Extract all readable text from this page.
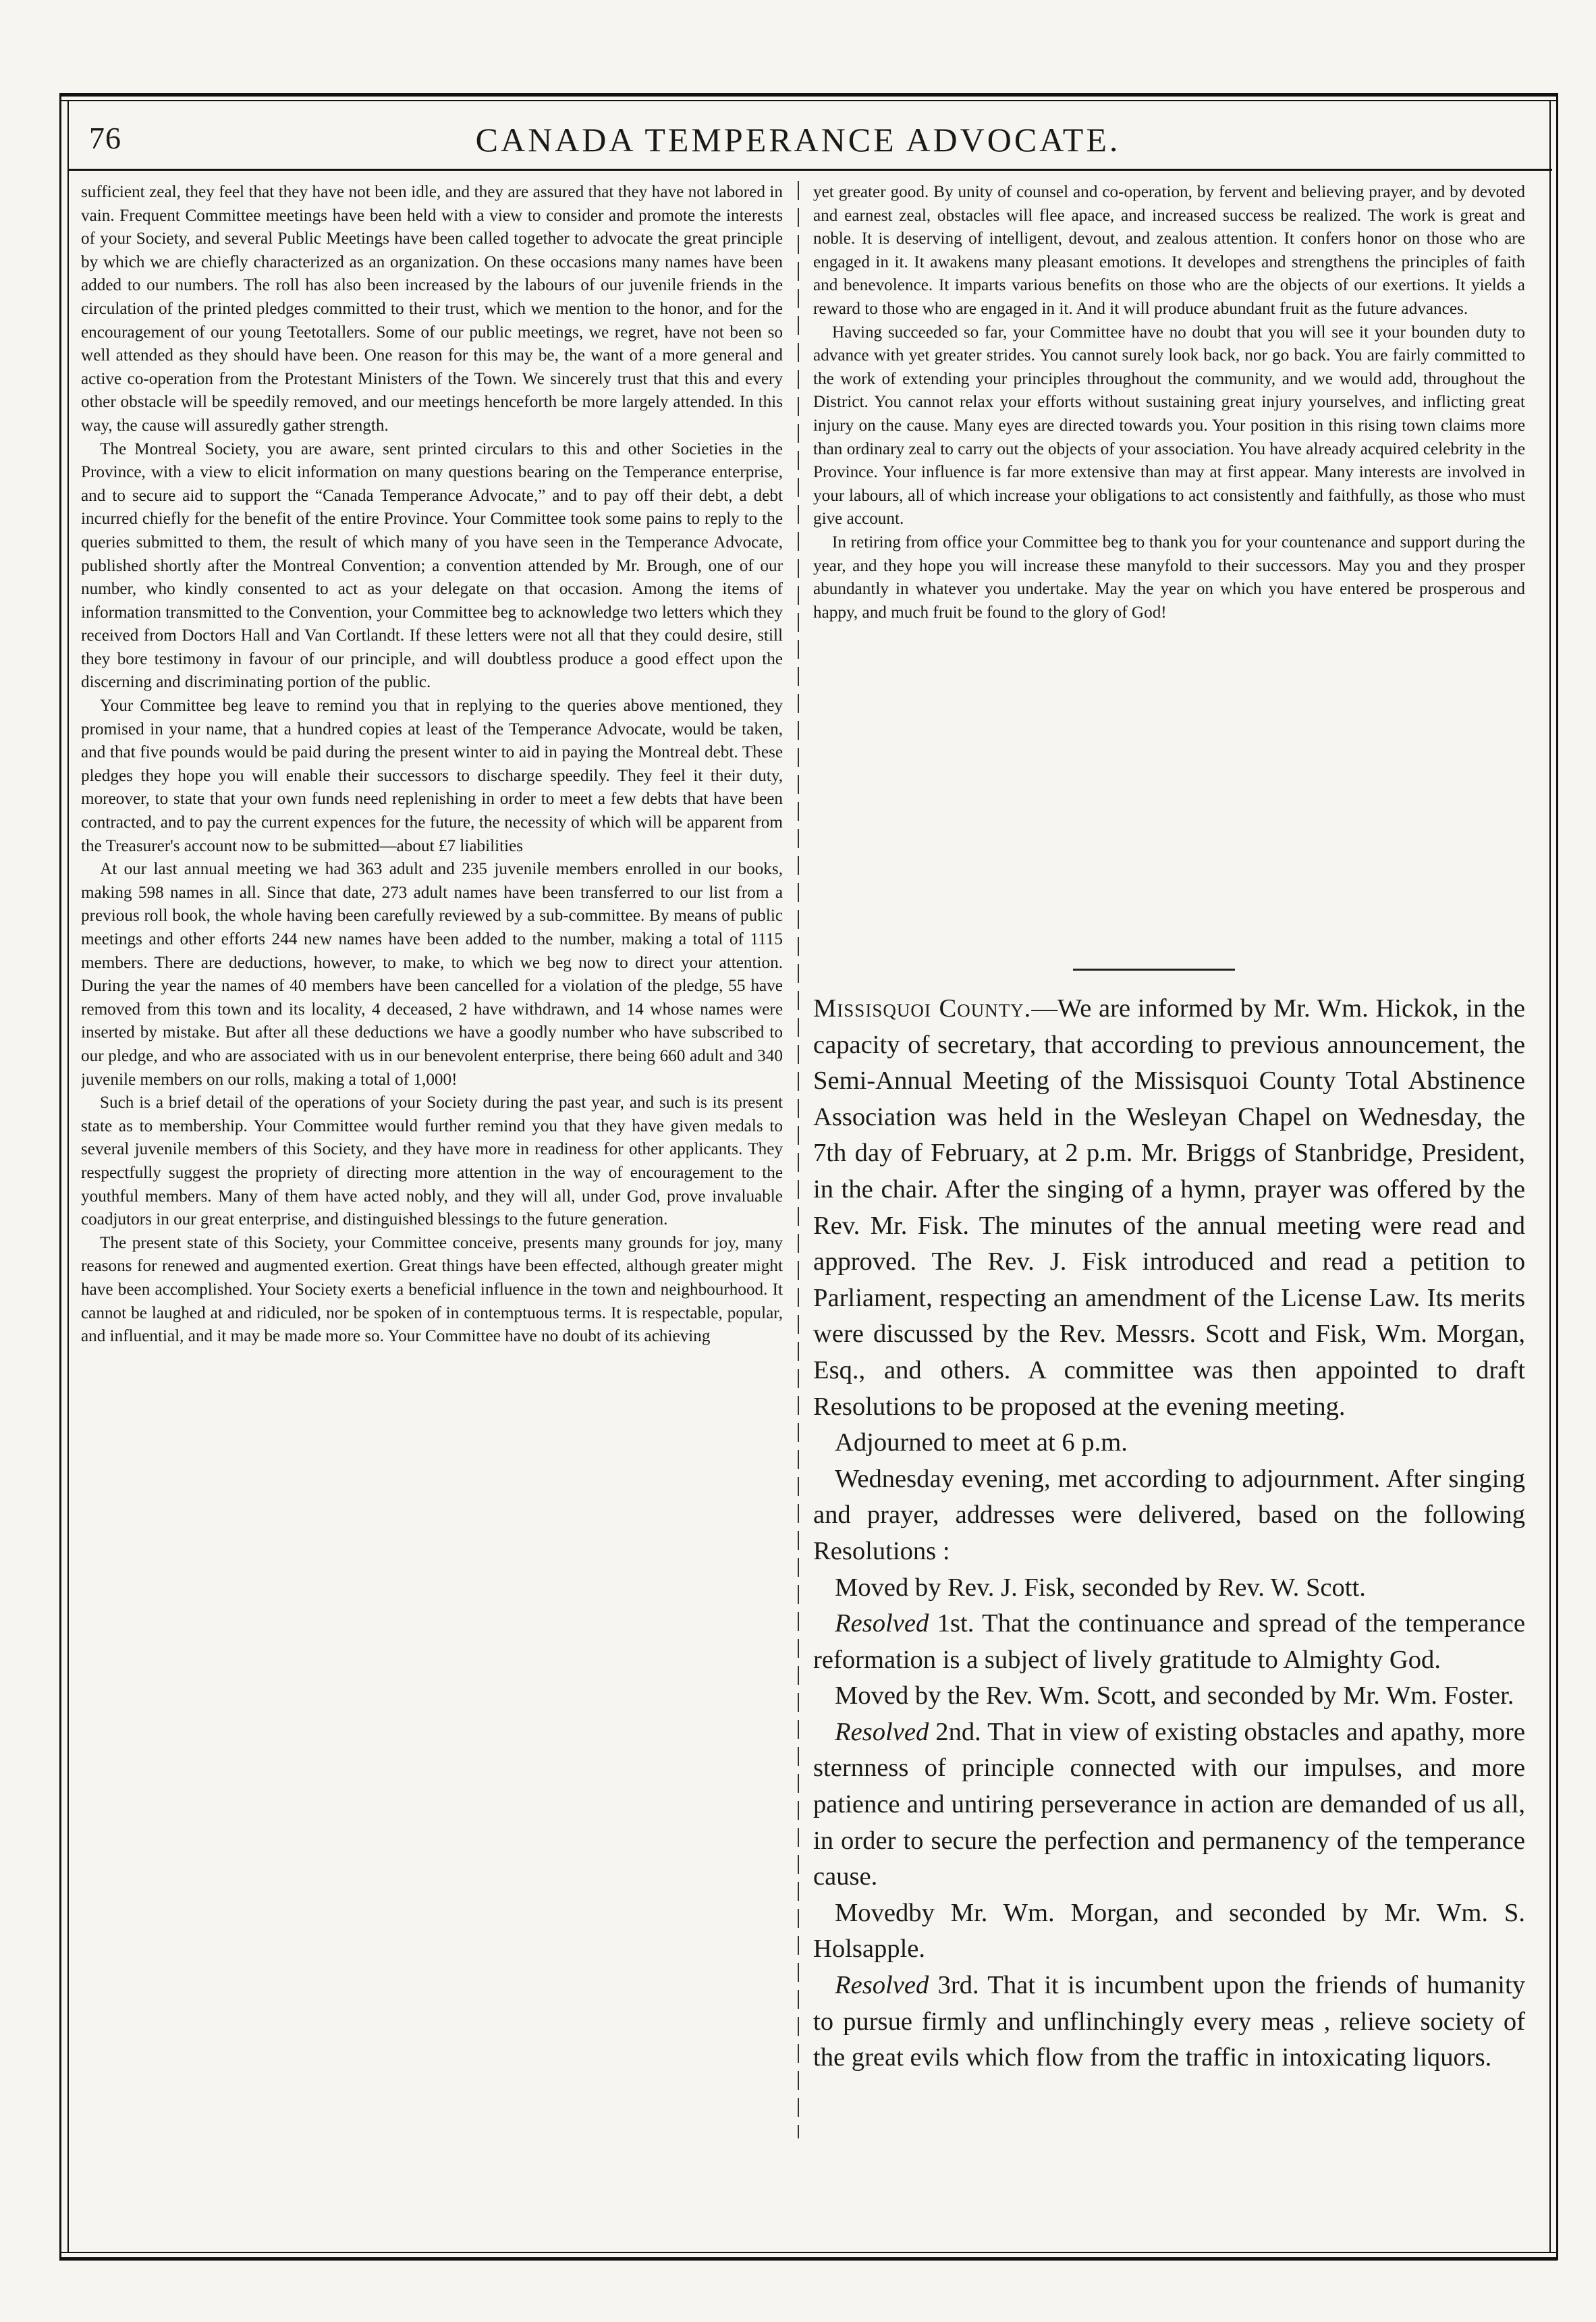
76	CANADA TEMPERANCE ADVOCATE.

sufficient zeal, they feel that they have not been idle, and they are assured that they have not labored in vain. Frequent Committee meetings have been held with a view to consider and promote the interests of your Society, and several Public Meetings have been called together to advocate the great principle by which we are chiefly characterized as an organization. On these occasions many names have been added to our numbers. The roll has also been increased by the labours of our juvenile friends in the circulation of the printed pledges committed to their trust, which we mention to the honor, and for the encouragement of our young Teetotallers. Some of our public meetings, we regret, have not been so well attended as they should have been. One reason for this may be, the want of a more general and active co-operation from the Protestant Ministers of the Town. We sincerely trust that this and every other obstacle will be speedily removed, and our meetings henceforth be more largely attended. In this way, the cause will assuredly gather strength.

The Montreal Society, you are aware, sent printed circulars to this and other Societies in the Province, with a view to elicit information on many questions bearing on the Temperance enterprise, and to secure aid to support the “Canada Temperance Advocate,” and to pay off their debt, a debt incurred chiefly for the benefit of the entire Province. Your Committee took some pains to reply to the queries submitted to them, the result of which many of you have seen in the Temperance Advocate, published shortly after the Montreal Convention; a convention attended by Mr. Brough, one of our number, who kindly consented to act as your delegate on that occasion. Among the items of information transmitted to the Convention, your Committee beg to acknowledge two letters which they received from Doctors Hall and Van Cortlandt. If these letters were not all that they could desire, still they bore testimony in favour of our principle, and will doubtless produce a good effect upon the discerning and discriminating portion of the public.

Your Committee beg leave to remind you that in replying to the queries above mentioned, they promised in your name, that a hundred copies at least of the Temperance Advocate, would be taken, and that five pounds would be paid during the present winter to aid in paying the Montreal debt. These pledges they hope you will enable their successors to discharge speedily. They feel it their duty, moreover, to state that your own funds need replenishing in order to meet a few debts that have been contracted, and to pay the current expences for the future, the necessity of which will be apparent from the Treasurer's account now to be submitted—about £7 liabilities

At our last annual meeting we had 363 adult and 235 juvenile members enrolled in our books, making 598 names in all. Since that date, 273 adult names have been transferred to our list from a previous roll book, the whole having been carefully reviewed by a sub-committee. By means of public meetings and other efforts 244 new names have been added to the number, making a total of 1115 members. There are deductions, however, to make, to which we beg now to direct your attention. During the year the names of 40 members have been cancelled for a violation of the pledge, 55 have removed from this town and its locality, 4 deceased, 2 have withdrawn, and 14 whose names were inserted by mistake. But after all these deductions we have a goodly number who have subscribed to our pledge, and who are associated with us in our benevolent enterprise, there being 660 adult and 340 juvenile members on our rolls, making a total of 1,000!

Such is a brief detail of the operations of your Society during the past year, and such is its present state as to membership. Your Committee would further remind you that they have given medals to several juvenile members of this Society, and they have more in readiness for other applicants. They respectfully suggest the propriety of directing more attention in the way of encouragement to the youthful members. Many of them have acted nobly, and they will all, under God, prove invaluable coadjutors in our great enterprise, and distinguished blessings to the future generation.

The present state of this Society, your Committee conceive, presents many grounds for joy, many reasons for renewed and augmented exertion. Great things have been effected, although greater might have been accomplished. Your Society exerts a beneficial influence in the town and neighbourhood. It cannot be laughed at and ridiculed, nor be spoken of in contemptuous terms. It is respectable, popular, and influential, and it may be made more so. Your Committee have no doubt of its achieving

yet greater good. By unity of counsel and co-operation, by fervent and believing prayer, and by devoted and earnest zeal, obstacles will flee apace, and increased success be realized. The work is great and noble. It is deserving of intelligent, devout, and zealous attention. It confers honor on those who are engaged in it. It awakens many pleasant emotions. It developes and strengthens the principles of faith and benevolence. It imparts various benefits on those who are the objects of our exertions. It yields a reward to those who are engaged in it. And it will produce abundant fruit as the future advances.

Having succeeded so far, your Committee have no doubt that you will see it your bounden duty to advance with yet greater strides. You cannot surely look back, nor go back. You are fairly committed to the work of extending your principles throughout the community, and we would add, throughout the District. You cannot relax your efforts without sustaining great injury yourselves, and inflicting great injury on the cause. Many eyes are directed towards you. Your position in this rising town claims more than ordinary zeal to carry out the objects of your association. You have already acquired celebrity in the Province. Your influence is far more extensive than may at first appear. Many interests are involved in your labours, all of which increase your obligations to act consistently and faithfully, as those who must give account.

In retiring from office your Committee beg to thank you for your countenance and support during the year, and they hope you will increase these manyfold to their successors. May you and they prosper abundantly in whatever you undertake. May the year on which you have entered be prosperous and happy, and much fruit be found to the glory of God!

Missisquoi County.—We are informed by Mr. Wm. Hickok, in the capacity of secretary, that according to previous announcement, the Semi-Annual Meeting of the Missisquoi County Total Abstinence Association was held in the Wesleyan Chapel on Wednesday, the 7th day of February, at 2 p.m. Mr. Briggs of Stanbridge, President, in the chair. After the singing of a hymn, prayer was offered by the Rev. Mr. Fisk. The minutes of the annual meeting were read and approved. The Rev. J. Fisk introduced and read a petition to Parliament, respecting an amendment of the License Law. Its merits were discussed by the Rev. Messrs. Scott and Fisk, Wm. Morgan, Esq., and others. A committee was then appointed to draft Resolutions to be proposed at the evening meeting.

Adjourned to meet at 6 p.m.

Wednesday evening, met according to adjournment. After singing and prayer, addresses were delivered, based on the following Resolutions :

Moved by Rev. J. Fisk, seconded by Rev. W. Scott.

Resolved 1st. That the continuance and spread of the temperance reformation is a subject of lively gratitude to Almighty God.

Moved by the Rev. Wm. Scott, and seconded by Mr. Wm. Foster.

Resolved 2nd. That in view of existing obstacles and apathy, more sternness of principle connected with our impulses, and more patience and untiring perseverance in action are demanded of us all, in order to secure the perfection and permanency of the temperance cause.

Movedby Mr. Wm. Morgan, and seconded by Mr. Wm. S. Holsapple.

Resolved 3rd. That it is incumbent upon the friends of humanity to pursue firmly and unflinchingly every meas , relieve society of the great evils which flow from the traffic in intoxicating liquors.
